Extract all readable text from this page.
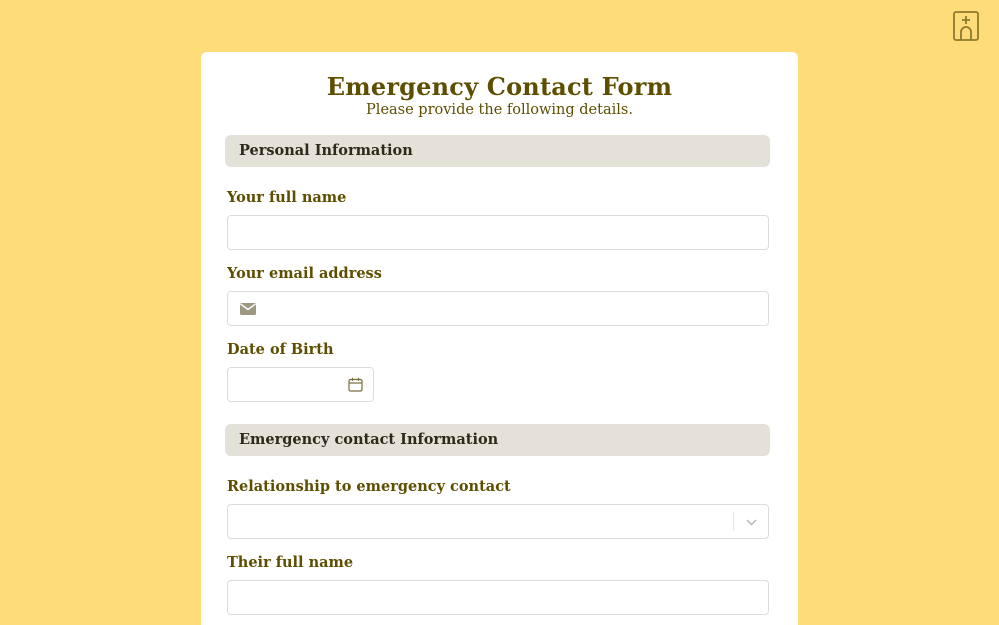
Emergency Contact Form
Please provide the following details.
Personal Information
Your full name
Your email address
Date of Birth
Emergency contact Information
Relationship to emergency contact
Their full name
